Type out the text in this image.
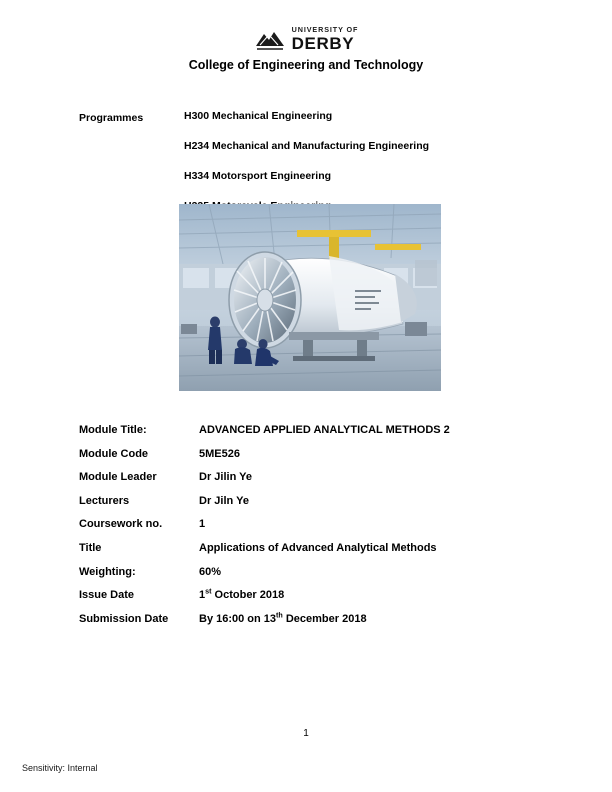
UNIVERSITY OF
DERBY
College of Engineering and Technology
Programmes	H300 Mechanical Engineering
H234 Mechanical and Manufacturing Engineering
H334 Motorsport Engineering
Module Title:	ADVANCED APPLIED ANALYTICAL METHODS 2
Module Code	5ME526
Module Leader	Dr Jilin Ye
Lecturers	Dr Jiln Ye
Coursework no.	1
Title	Applications of Advanced Analytical Methods
Weighting:	60%
Issue Date	1st October 2018
Submission Date	By 16:00 on 13th December 2018
1
Sensitivity: Internal
